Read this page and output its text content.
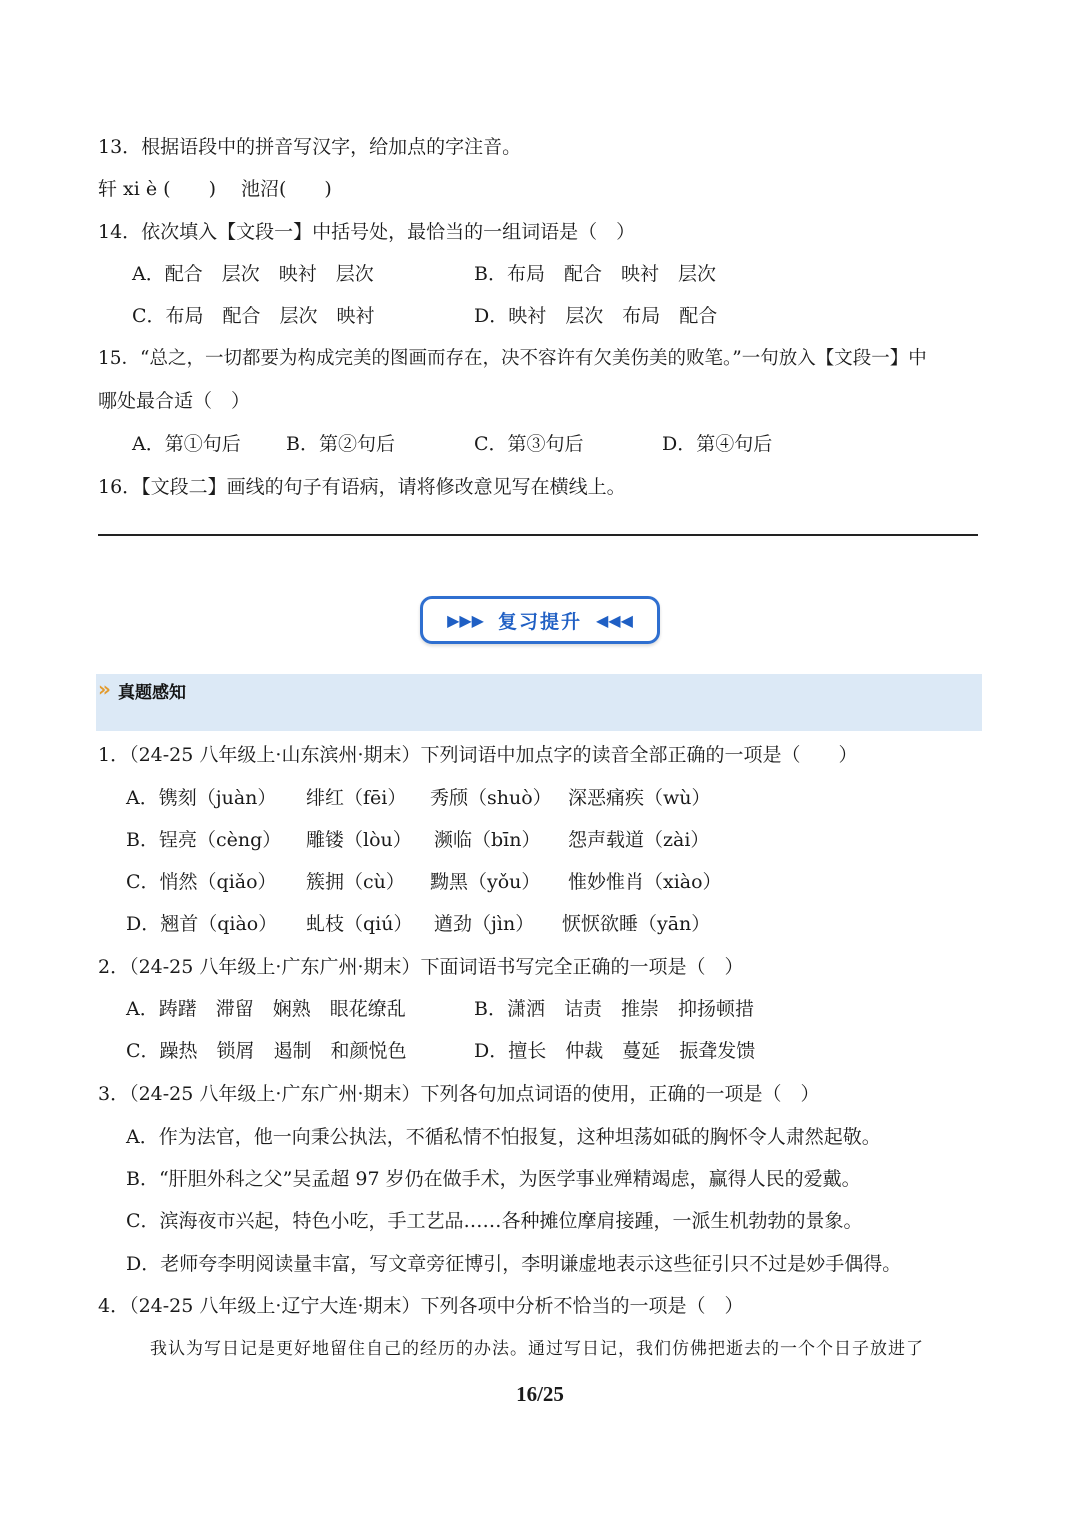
13．根据语段中的拼音写汉字，给加点的字注音。
轩 xi è (　　)　 池沼(　　)
14．依次填入【文段一】中括号处，最恰当的一组词语是（　）
A．配合　层次　映衬　层次	B．布局　配合　映衬　层次
C．布局　配合　层次　映衬	D．映衬　层次　布局　配合
15．“总之，一切都要为构成完美的图画而存在，决不容许有欠美伤美的败笔。”一句放入【文段一】中
哪处最合适（　）
A．第①句后 B．第②句后	C．第③句后	D．第④句后
16．【文段二】画线的句子有语病，请将修改意见写在横线上。
▶▶▶ 复习提升 ◀◀◀
» 真题感知
1．（24-25 八年级上·山东滨州·期末）下列词语中加点字的读音全部正确的一项是（　　）
A．镌刻（juàn） 绯红（fēi） 秀颀（shuò） 深恶痛疾（wù）
B．锃亮（cèng） 雕镂（lòu） 濒临（bīn） 怨声载道（zài）
C．悄然（qiǎo） 簇拥（cù） 黝黑（yǒu） 惟妙惟肖（xiào）
D．翘首（qiào） 虬枝（qiú） 遒劲（jìn） 恹恹欲睡（yān）
2．（24-25 八年级上·广东广州·期末）下面词语书写完全正确的一项是（　）
A．踌躇　滞留　娴熟　眼花缭乱	B．潇洒　诘责　推崇　抑扬顿措
C．躁热　锁屑　遏制　和颜悦色	D．擅长　仲裁　蔓延　振聋发馈
3．（24-25 八年级上·广东广州·期末）下列各句加点词语的使用，正确的一项是（　）
A．作为法官，他一向秉公执法，不循私情不怕报复，这种坦荡如砥的胸怀令人肃然起敬。
B．“肝胆外科之父”吴孟超 97 岁仍在做手术，为医学事业殚精竭虑，赢得人民的爱戴。
C．滨海夜市兴起，特色小吃，手工艺品……各种摊位摩肩接踵，一派生机勃勃的景象。
D．老师夸李明阅读量丰富，写文章旁征博引，李明谦虚地表示这些征引只不过是妙手偶得。
4．（24-25 八年级上·辽宁大连·期末）下列各项中分析不恰当的一项是（　）
我认为写日记是更好地留住自己的经历的办法。通过写日记，我们仿佛把逝去的一个个日子放进了
16/25
